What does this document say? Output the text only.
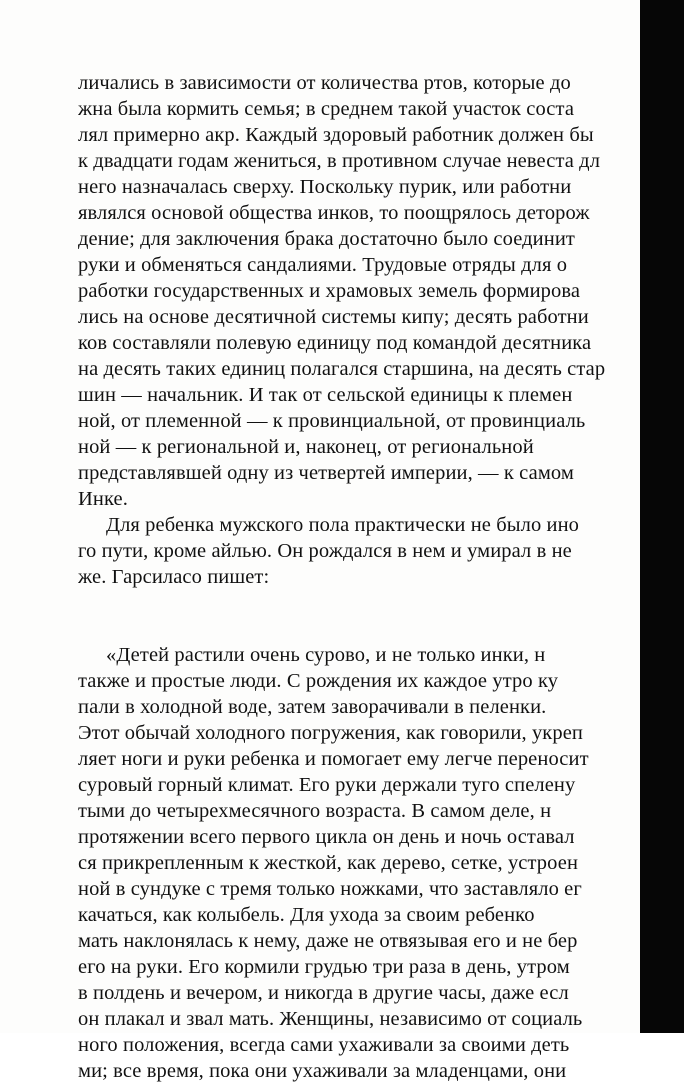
личались в зависимости от количества ртов, которые до
жна была кормить семья; в среднем такой участок соста
лял примерно акр. Каждый здоровый работник должен бы
к двадцати годам жениться, в противном случае невеста дл
него назначалась сверху. Поскольку пурик, или работни
являлся основой общества инков, то поощрялось деторож
дение; для заключения брака достаточно было соединит
руки и обменяться сандалиями. Трудовые отряды для о
работки государственных и храмовых земель формирова
лись на основе десятичной системы кипу; десять работни
ков составляли полевую единицу под командой десятника
на десять таких единиц полагался старшина, на десять стар
шин — начальник. И так от сельской единицы к племен
ной, от племенной — к провинциальной, от провинциаль
ной — к региональной и, наконец, от региональной
представлявшей одну из четвертей империи, — к самом
Инке.
Для ребенка мужского пола практически не было ино
го пути, кроме айлью. Он рождался в нем и умирал в не
же. Гарсиласо пишет:
«Детей растили очень сурово, и не только инки, н
также и простые люди. С рождения их каждое утро ку
пали в холодной воде, затем заворачивали в пеленки.
Этот обычай холодного погружения, как говорили, укреп
ляет ноги и руки ребенка и помогает ему легче переносит
суровый горный климат. Его руки держали туго спелену
тыми до четырехмесячного возраста. В самом деле, н
протяжении всего первого цикла он день и ночь оставал
ся прикрепленным к жесткой, как дерево, сетке, устроен
ной в сундуке с тремя только ножками, что заставляло ег
качаться, как колыбель. Для ухода за своим ребенко
мать наклонялась к нему, даже не отвязывая его и не бер
его на руки. Его кормили грудью три раза в день, утром
в полдень и вечером, и никогда в другие часы, даже есл
он плакал и звал мать. Женщины, независимо от социаль
ного положения, всегда сами ухаживали за своими деть
ми; все время, пока они ухаживали за младенцами, они
